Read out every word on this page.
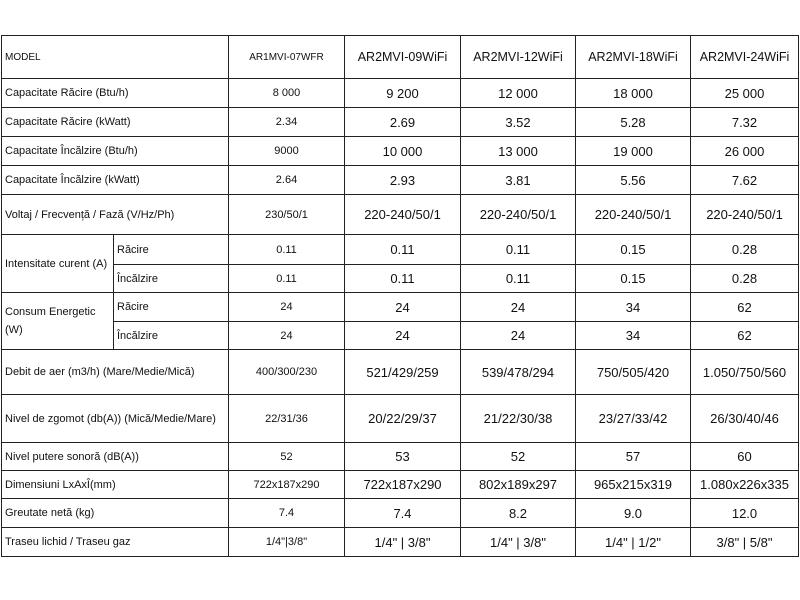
MODEL		AR1MVI-07WFR	AR2MVI-09WiFi	AR2MVI-12WiFi	AR2MVI-18WiFi	AR2MVI-24WiFi
Capacitate Răcire (Btu/h)		8 000	9 200	12 000	18 000	25 000
Capacitate Răcire (kWatt)		2.34	2.69	3.52	5.28	7.32
Capacitate Încălzire (Btu/h)		9000	10 000	13 000	19 000	26 000
Capacitate Încălzire (kWatt)		2.64	2.93	3.81	5.56	7.62
Voltaj / Frecvență / Fază (V/Hz/Ph)		230/50/1	220-240/50/1	220-240/50/1	220-240/50/1	220-240/50/1
Intensitate curent (A)	Răcire	0.11	0.11	0.11	0.15	0.28
	Încălzire	0.11	0.11	0.11	0.15	0.28
Consum Energetic (W)	Răcire	24	24	24	34	62
	Încălzire	24	24	24	34	62
Debit de aer (m3/h) (Mare/Medie/Mică)		400/300/230	521/429/259	539/478/294	750/505/420	1.050/750/560
Nivel de zgomot (db(A)) (Mică/Medie/Mare)		22/31/36	20/22/29/37	21/22/30/38	23/27/33/42	26/30/40/46
Nivel putere sonoră (dB(A))		52	53	52	57	60
Dimensiuni LxAxÎ(mm)		722x187x290	722x187x290	802x189x297	965x215x319	1.080x226x335
Greutate netă (kg)		7.4	7.4	8.2	9.0	12.0
Traseu lichid / Traseu gaz		1/4"|3/8"	1/4" | 3/8"	1/4" | 3/8"	1/4" | 1/2"	3/8" | 5/8"
